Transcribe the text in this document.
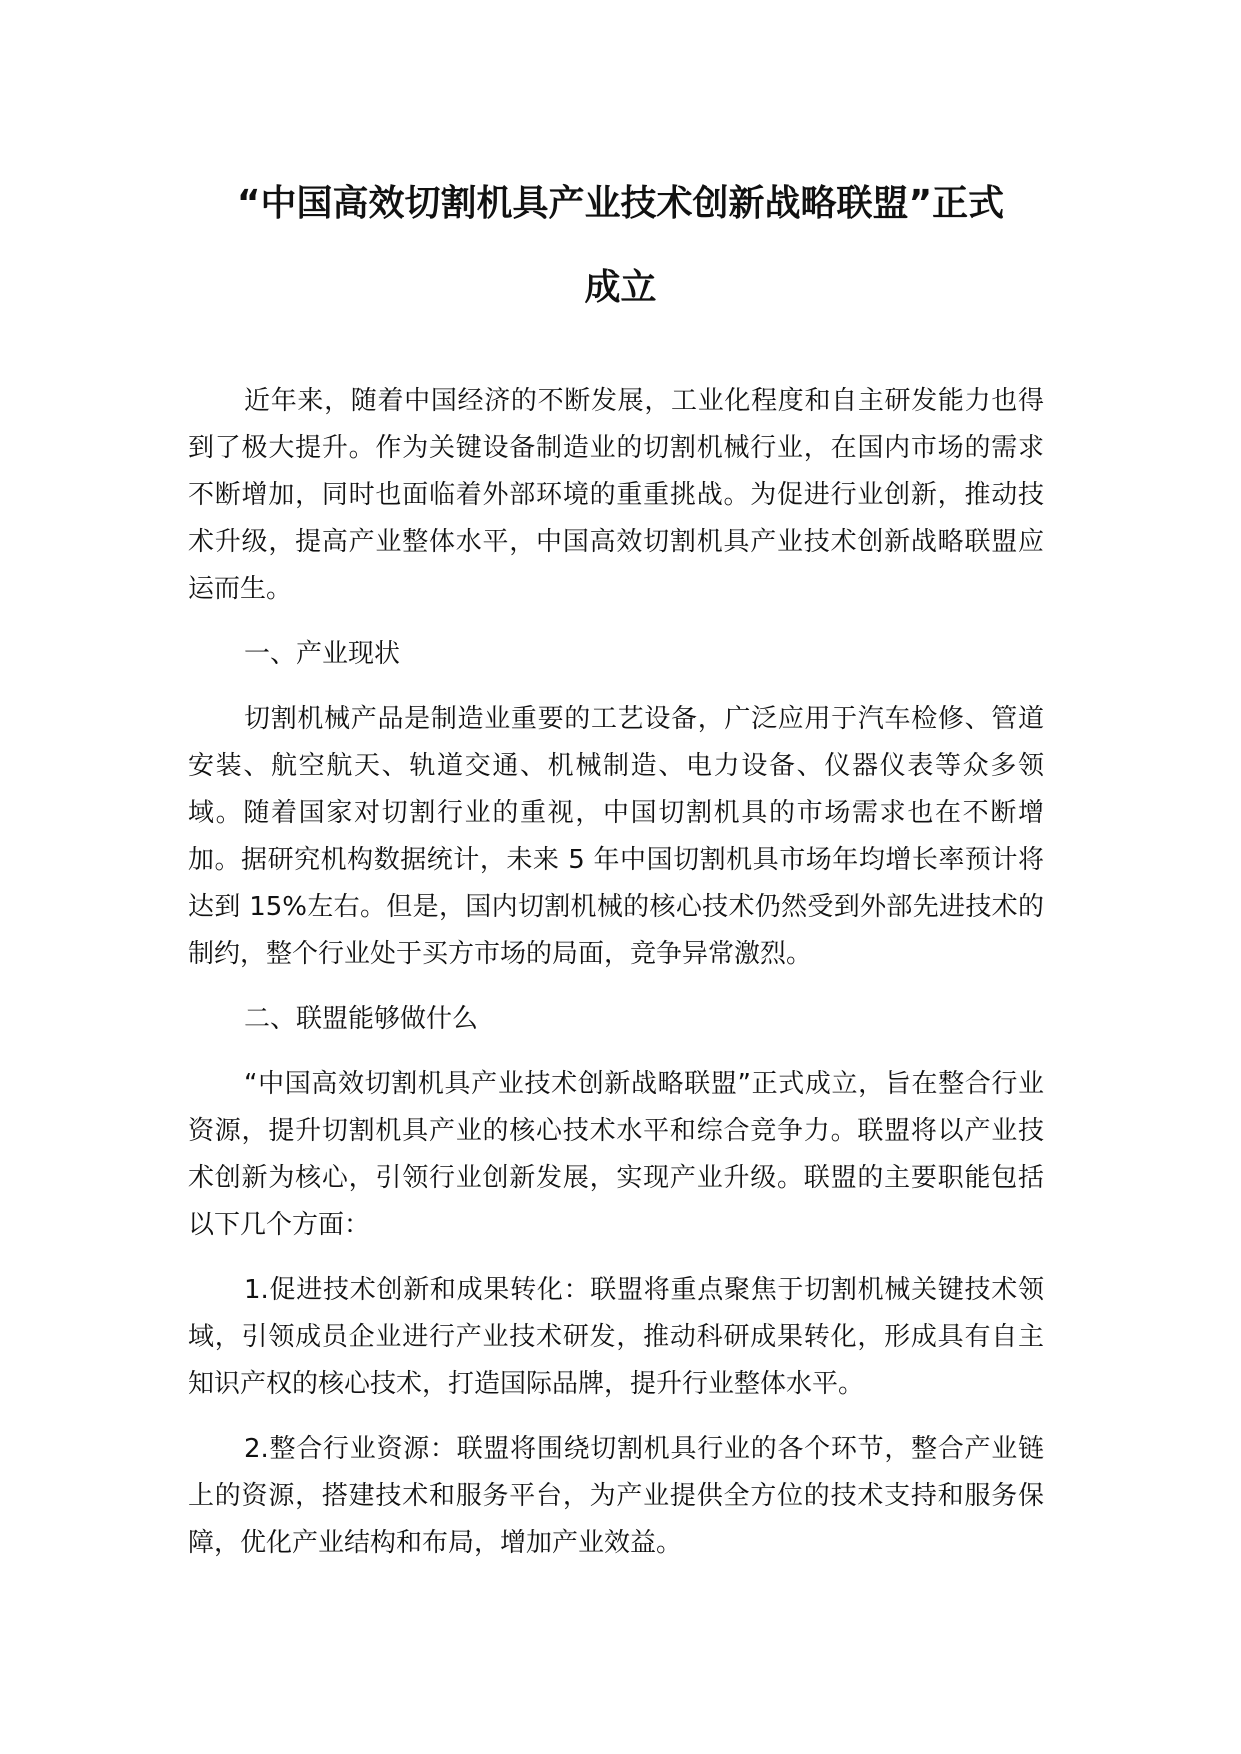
“中国高效切割机具产业技术创新战略联盟”正式
成立

近年来，随着中国经济的不断发展，工业化程度和自主研发能力也得到了极大提升。作为关键设备制造业的切割机械行业，在国内市场的需求不断增加，同时也面临着外部环境的重重挑战。为促进行业创新，推动技术升级，提高产业整体水平，中国高效切割机具产业技术创新战略联盟应运而生。

一、产业现状

切割机械产品是制造业重要的工艺设备，广泛应用于汽车检修、管道安装、航空航天、轨道交通、机械制造、电力设备、仪器仪表等众多领域。随着国家对切割行业的重视，中国切割机具的市场需求也在不断增加。据研究机构数据统计，未来 5 年中国切割机具市场年均增长率预计将达到 15%左右。但是，国内切割机械的核心技术仍然受到外部先进技术的制约，整个行业处于买方市场的局面，竞争异常激烈。

二、联盟能够做什么

“中国高效切割机具产业技术创新战略联盟”正式成立，旨在整合行业资源，提升切割机具产业的核心技术水平和综合竞争力。联盟将以产业技术创新为核心，引领行业创新发展，实现产业升级。联盟的主要职能包括以下几个方面：

1.促进技术创新和成果转化：联盟将重点聚焦于切割机械关键技术领域，引领成员企业进行产业技术研发，推动科研成果转化，形成具有自主知识产权的核心技术，打造国际品牌，提升行业整体水平。

2.整合行业资源：联盟将围绕切割机具行业的各个环节，整合产业链上的资源，搭建技术和服务平台，为产业提供全方位的技术支持和服务保障，优化产业结构和布局，增加产业效益。
